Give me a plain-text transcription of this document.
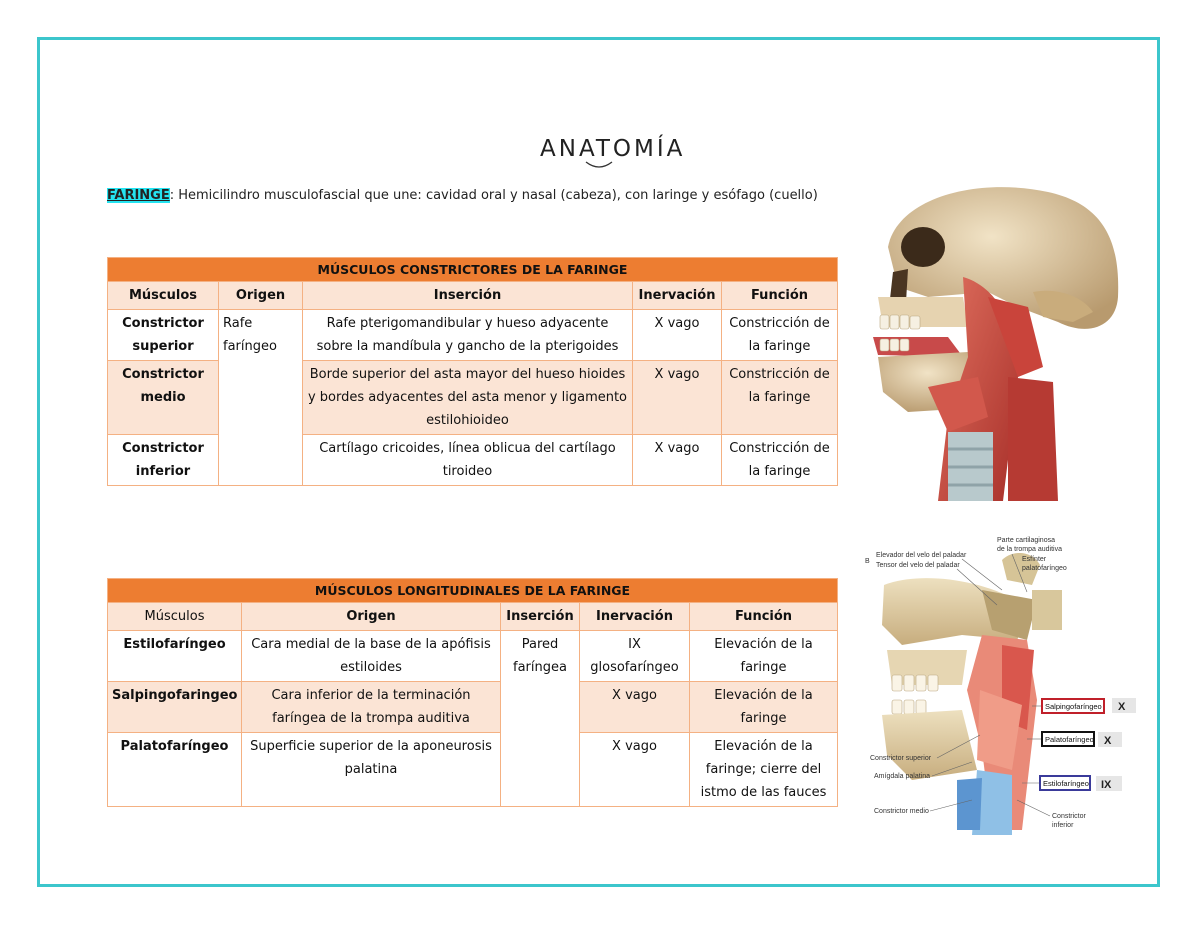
ANATOMÍA
FARINGE: Hemicilindro musculofascial que une: cavidad oral y nasal (cabeza), con laringe y esófago (cuello)
MÚSCULOS CONSTRICTORES DE LA FARINGE				
Músculos	Origen	Inserción	Inervación	Función
Constrictor superior	Rafe faríngeo	Rafe pterigomandibular y hueso adyacente sobre la mandíbula y gancho de la pterigoides	X vago	Constricción de la faringe
Constrictor medio		Borde superior del asta mayor del hueso hioides y bordes adyacentes del asta menor y ligamento estilohioideo	X vago	Constricción de la faringe
Constrictor inferior		Cartílago cricoides, línea oblicua del cartílago tiroideo	X vago	Constricción de la faringe
MÚSCULOS LONGITUDINALES DE LA FARINGE				
Músculos	Origen	Inserción	Inervación	Función
Estilofaríngeo	Cara medial de la base de la apófisis estiloides	Pared faríngea	IX glosofaríngeo	Elevación de la faringe
Salpingofaringeo	Cara inferior de la terminación faríngea de la trompa auditiva		X vago	Elevación de la faringe
Palatofaríngeo	Superficie superior de la aponeurosis palatina		X vago	Elevación de la faringe; cierre del istmo de las fauces
B
Elevador del velo del paladar
Tensor del velo del paladar
Parte cartilaginosa
de la trompa auditiva
Esfínter
palatofaríngeo
Constrictor superior
Amígdala palatina
Constrictor medio
Constrictor
inferior
Salpingofaríngeo X
Palatofaríngeo X
Estilofaríngeo IX
